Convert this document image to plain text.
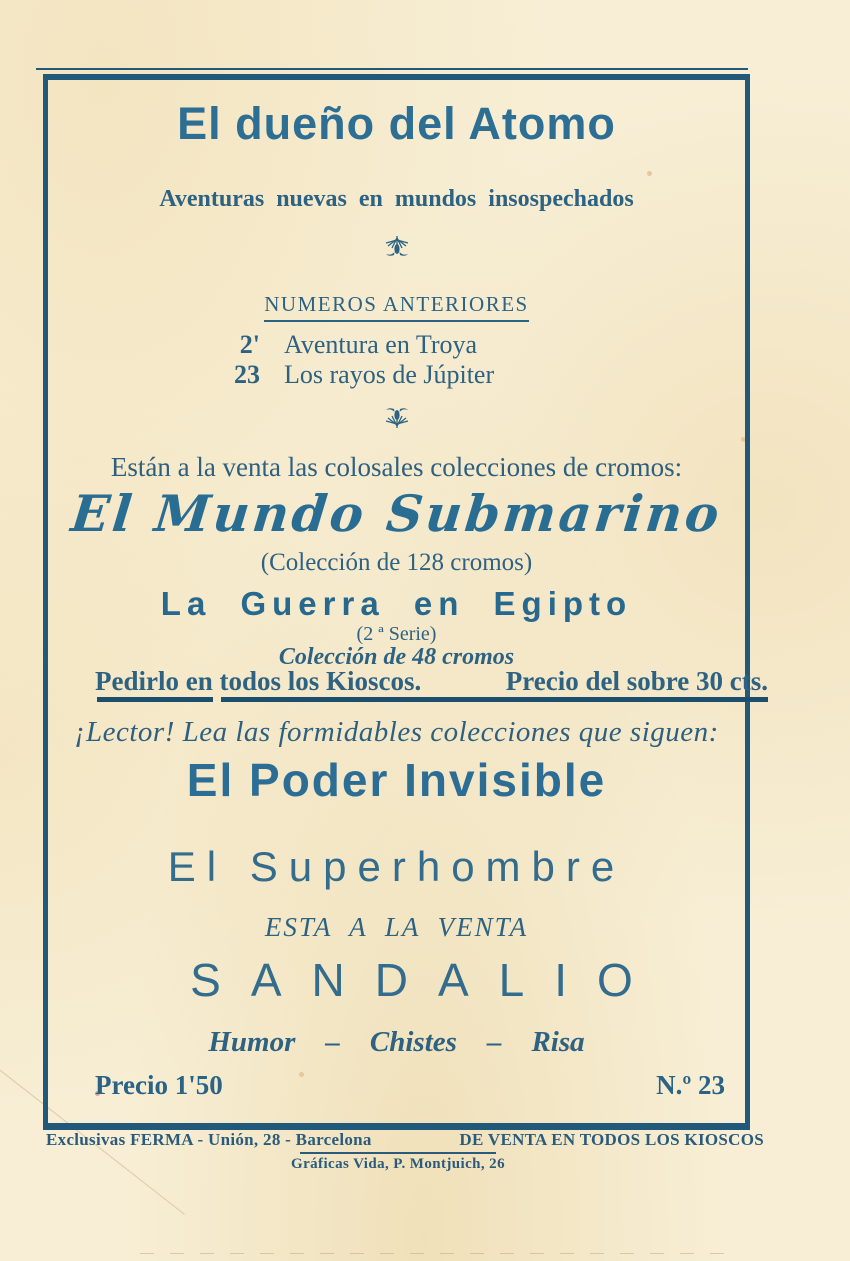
El dueño del Atomo
Aventuras nuevas en mundos insospechados
NUMEROS ANTERIORES
2' Aventura en Troya
23 Los rayos de Júpiter
Están a la venta las colosales colecciones de cromos:
El Mundo Submarino
(Colección de 128 cromos)
La Guerra en Egipto
(2 ª Serie)
Colección de 48 cromos
Pedirlo en todos los Kioscos.	Precio del sobre 30 cts.
¡Lector! Lea las formidables colecciones que siguen:
El Poder Invisible
El Superhombre
ESTA A LA VENTA
SANDALIO
Humor – Chistes – Risa
Precio 1'50	N.º 23
Exclusivas FERMA - Unión, 28 - Barcelona	DE VENTA EN TODOS LOS KIOSCOS
Gráficas Vida, P. Montjuich, 26
